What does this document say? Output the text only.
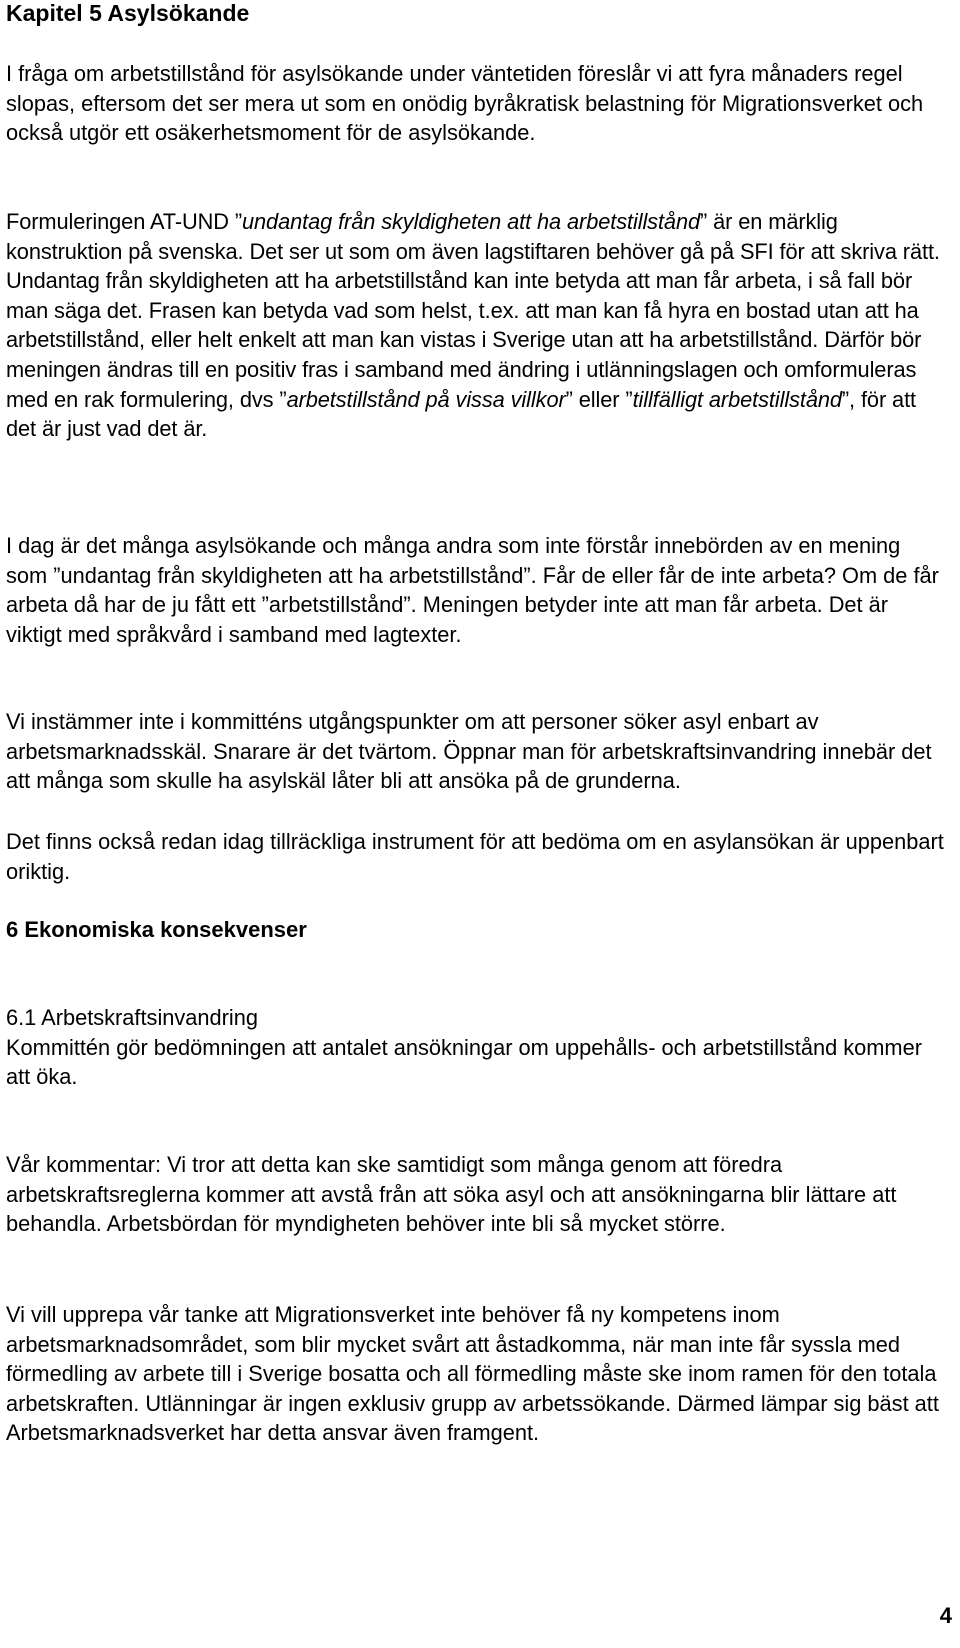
Kapitel 5 Asylsökande

I fråga om arbetstillstånd för asylsökande under väntetiden föreslår vi att fyra månaders regel slopas, eftersom det ser mera ut som en onödig byråkratisk belastning för Migrationsverket och också utgör ett osäkerhetsmoment för de asylsökande.

Formuleringen AT-UND ”undantag från skyldigheten att ha arbetstillstånd” är en märklig konstruktion på svenska. Det ser ut som om även lagstiftaren behöver gå på SFI för att skriva rätt. Undantag från skyldigheten att ha arbetstillstånd kan inte betyda att man får arbeta, i så fall bör man säga det. Frasen kan betyda vad som helst, t.ex. att man kan få hyra en bostad utan att ha arbetstillstånd, eller helt enkelt att man kan vistas i Sverige utan att ha arbetstillstånd. Därför bör meningen ändras till en positiv fras i samband med ändring i utlänningslagen och omformuleras med en rak formulering, dvs ”arbetstillstånd på vissa villkor” eller ”tillfälligt arbetstillstånd”, för att det är just vad det är.

I dag är det många asylsökande och många andra som inte förstår innebörden av en mening som ”undantag från skyldigheten att ha arbetstillstånd”. Får de eller får de inte arbeta? Om de får arbeta då har de ju fått ett ”arbetstillstånd”. Meningen betyder inte att man får arbeta. Det är viktigt med språkvård i samband med lagtexter.

Vi instämmer inte i kommitténs utgångspunkter om att personer söker asyl enbart av arbetsmarknadsskäl. Snarare är det tvärtom. Öppnar man för arbetskraftsinvandring innebär det att många som skulle ha asylskäl låter bli att ansöka på de grunderna.

Det finns också redan idag tillräckliga instrument för att bedöma om en asylansökan är uppenbart oriktig.

6 Ekonomiska konsekvenser

6.1 Arbetskraftsinvandring
Kommittén gör bedömningen att antalet ansökningar om uppehålls- och arbetstillstånd kommer att öka.

Vår kommentar: Vi tror att detta kan ske samtidigt som många genom att föredra arbetskraftsreglerna kommer att avstå från att söka asyl och att ansökningarna blir lättare att behandla. Arbetsbördan för myndigheten behöver inte bli så mycket större.

Vi vill upprepa vår tanke att Migrationsverket inte behöver få ny kompetens inom arbetsmarknadsområdet, som blir mycket svårt att åstadkomma, när man inte får syssla med förmedling av arbete till i Sverige bosatta och all förmedling måste ske inom ramen för den totala arbetskraften. Utlänningar är ingen exklusiv grupp av arbetssökande. Därmed lämpar sig bäst att Arbetsmarknadsverket har detta ansvar även framgent.

4
